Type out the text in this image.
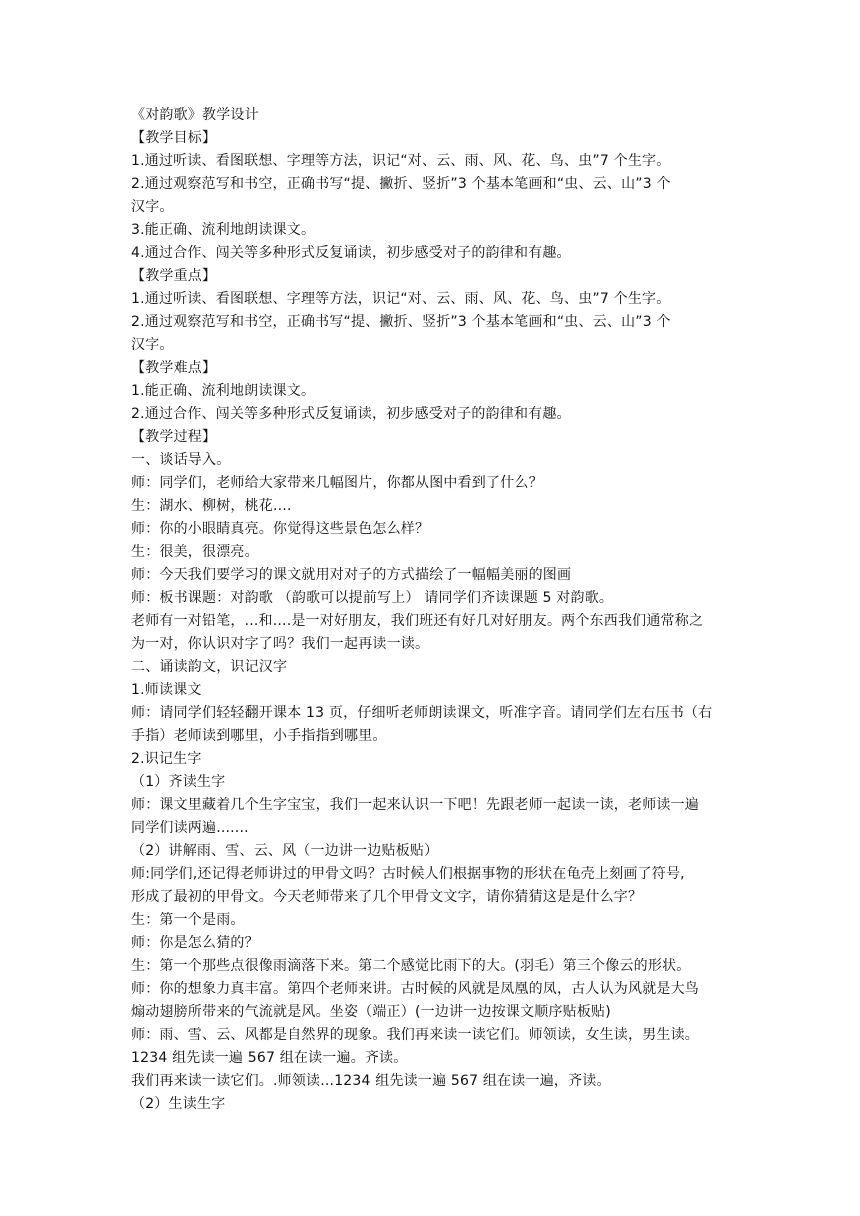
《对韵歌》教学设计
【教学目标】
1.通过听读、看图联想、字理等方法，识记“对、云、雨、风、花、鸟、虫”7 个生字。
2.通过观察范写和书空，正确书写“提、撇折、竖折”3 个基本笔画和“虫、云、山”3 个
汉字。
3.能正确、流利地朗读课文。
4.通过合作、闯关等多种形式反复诵读，初步感受对子的韵律和有趣。
【教学重点】
1.通过听读、看图联想、字理等方法，识记“对、云、雨、风、花、鸟、虫”7 个生字。
2.通过观察范写和书空，正确书写“提、撇折、竖折”3 个基本笔画和“虫、云、山”3 个
汉字。
【教学难点】
1.能正确、流利地朗读课文。
2.通过合作、闯关等多种形式反复诵读，初步感受对子的韵律和有趣。
【教学过程】
一、谈话导入。
师：同学们，老师给大家带来几幅图片，你都从图中看到了什么？
生：湖水、柳树，桃花....
师：你的小眼睛真亮。你觉得这些景色怎么样？
生：很美，很漂亮。
师：今天我们要学习的课文就用对对子的方式描绘了一幅幅美丽的图画
师：板书课题：对韵歌 （韵歌可以提前写上） 请同学们齐读课题 5 对韵歌。
老师有一对铅笔，...和....是一对好朋友，我们班还有好几对好朋友。两个东西我们通常称之
为一对，你认识对字了吗？我们一起再读一读。
二、诵读韵文，识记汉字
1.师读课文
师：请同学们轻轻翻开课本 13 页，仔细听老师朗读课文，听准字音。请同学们左右压书（右
手指）老师读到哪里，小手指指到哪里。
2.识记生字
（1）齐读生字
师：课文里藏着几个生字宝宝，我们一起来认识一下吧！先跟老师一起读一读，老师读一遍
同学们读两遍.......
（2）讲解雨、雪、云、风（一边讲一边贴板贴）
师:同学们,还记得老师讲过的甲骨文吗？古时候人们根据事物的形状在龟壳上刻画了符号,
形成了最初的甲骨文。今天老师带来了几个甲骨文文字，请你猜猜这是是什么字？
生：第一个是雨。
师：你是怎么猜的？
生：第一个那些点很像雨滴落下来。第二个感觉比雨下的大。(羽毛）第三个像云的形状。
师：你的想象力真丰富。第四个老师来讲。古时候的风就是凤凰的凤，古人认为风就是大鸟
煽动翅膀所带来的气流就是风。坐姿（端正）(一边讲一边按课文顺序贴板贴)
师：雨、雪、云、风都是自然界的现象。我们再来读一读它们。师领读，女生读，男生读。
1234 组先读一遍 567 组在读一遍。齐读。
我们再来读一读它们。.师领读...1234 组先读一遍 567 组在读一遍，齐读。
（2）生读生字
